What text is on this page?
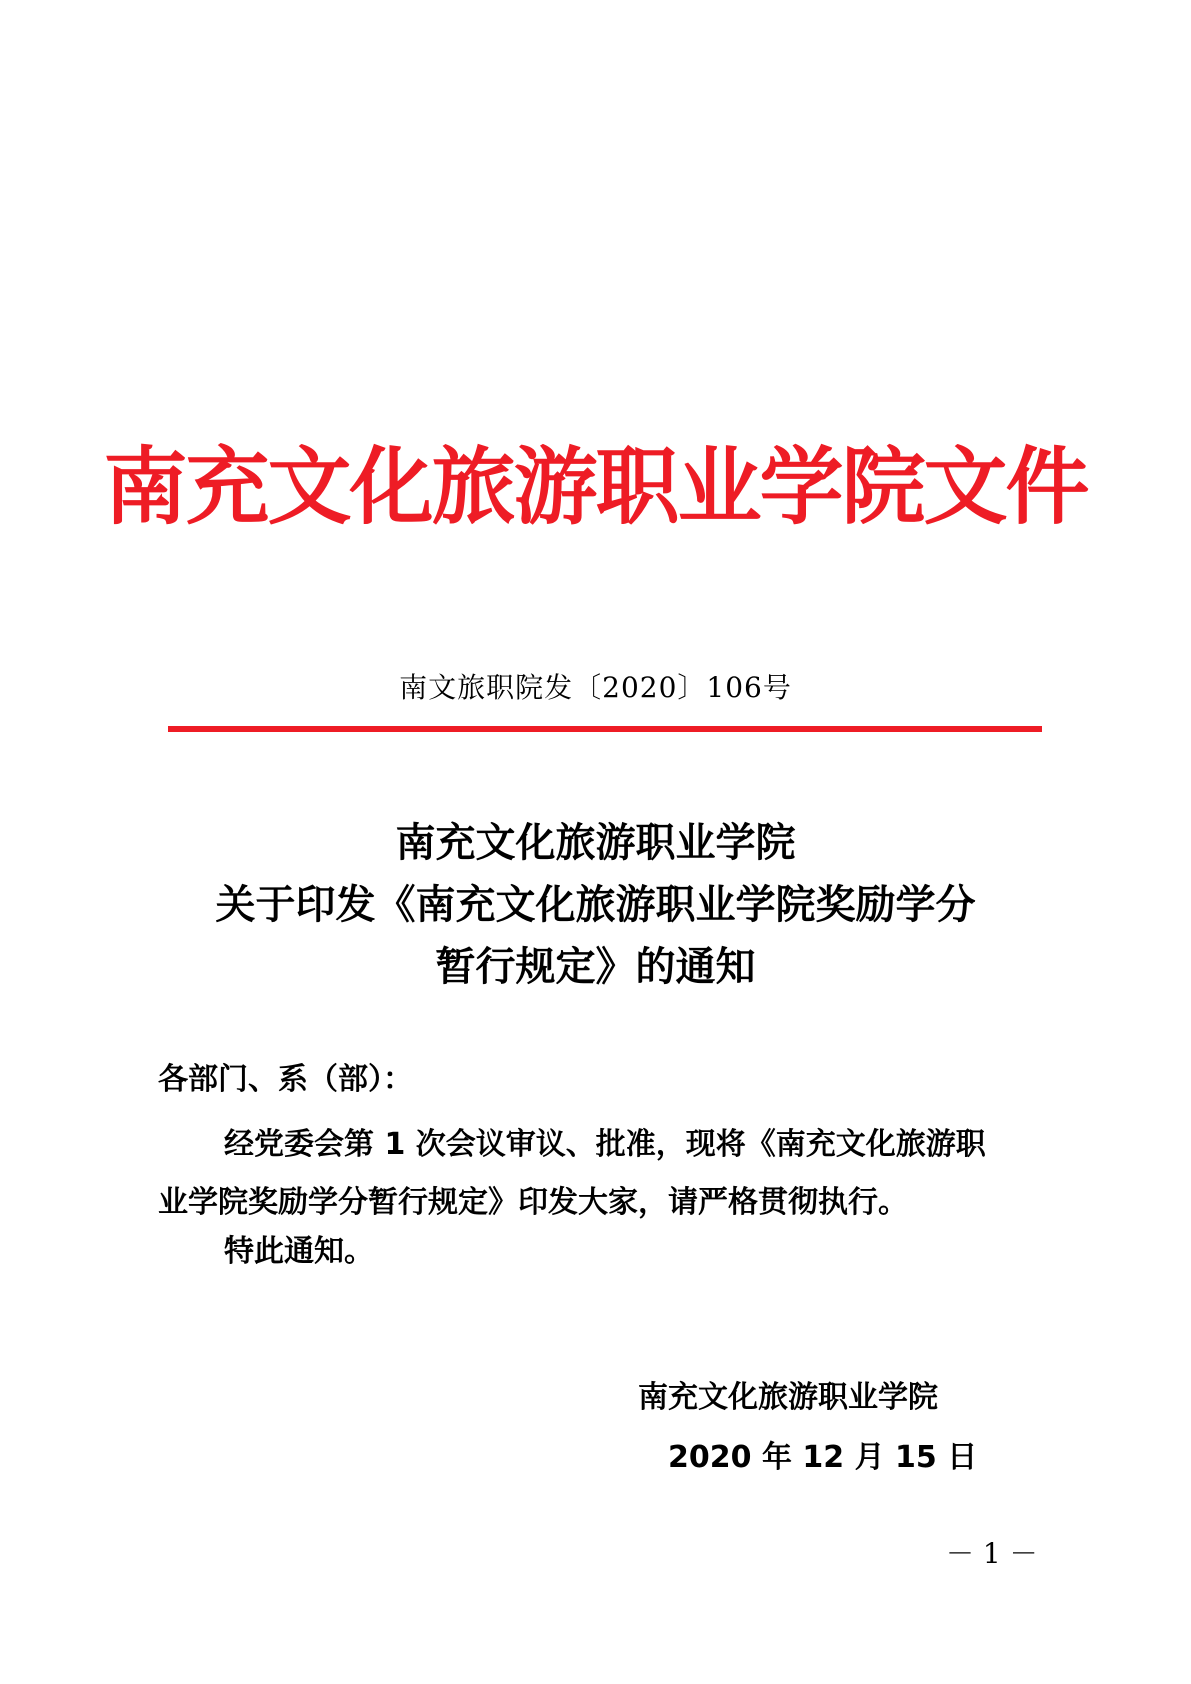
南充文化旅游职业学院文件
南文旅职院发〔2020〕106号
南充文化旅游职业学院
关于印发《南充文化旅游职业学院奖励学分
暂行规定》的通知
各部门、系（部）：
经党委会第 1 次会议审议、批准，现将《南充文化旅游职
业学院奖励学分暂行规定》印发大家，请严格贯彻执行。
特此通知。
南充文化旅游职业学院
2020 年 12 月 15 日
－ 1 －
